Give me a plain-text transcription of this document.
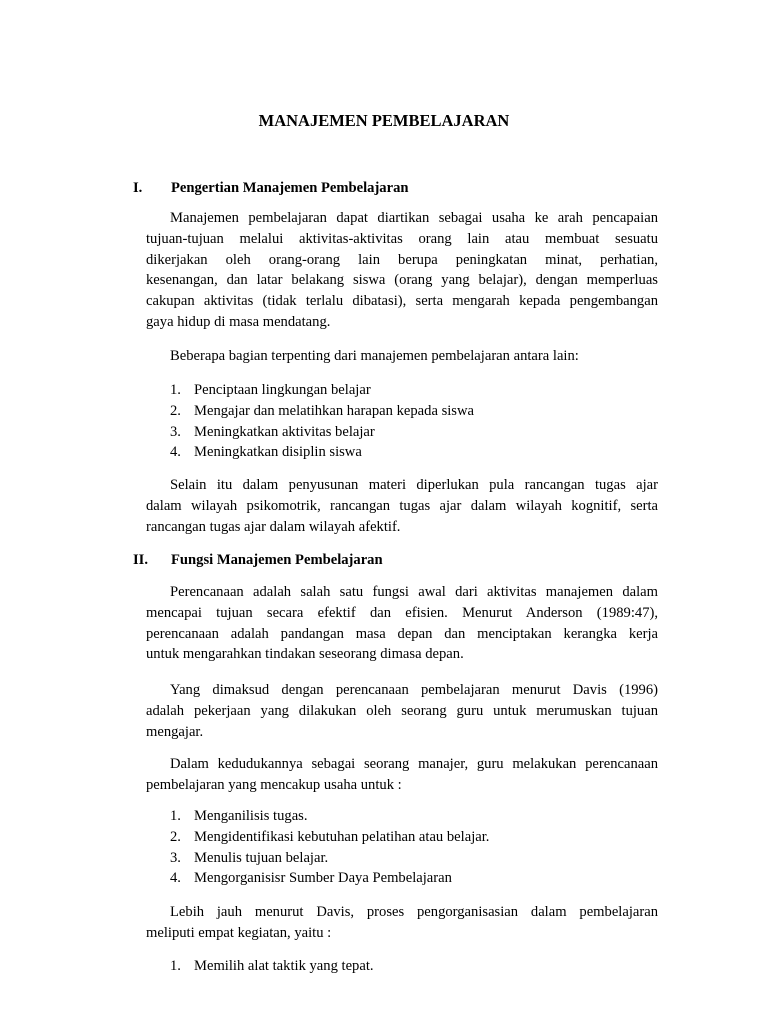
MANAJEMEN PEMBELAJARAN
I. Pengertian Manajemen Pembelajaran
Manajemen pembelajaran dapat diartikan sebagai usaha ke arah pencapaian
tujuan-tujuan melalui aktivitas-aktivitas orang lain atau membuat sesuatu
dikerjakan oleh orang-orang lain berupa peningkatan minat, perhatian,
kesenangan, dan latar belakang siswa (orang yang belajar), dengan memperluas
cakupan aktivitas (tidak terlalu dibatasi), serta mengarah kepada pengembangan
gaya hidup di masa mendatang.
Beberapa bagian terpenting dari manajemen pembelajaran antara lain:
1. Penciptaan lingkungan belajar
2. Mengajar dan melatihkan harapan kepada siswa
3. Meningkatkan aktivitas belajar
4. Meningkatkan disiplin siswa
Selain itu dalam penyusunan materi diperlukan pula rancangan tugas ajar
dalam wilayah psikomotrik, rancangan tugas ajar dalam wilayah kognitif, serta
rancangan tugas ajar dalam wilayah afektif.
II. Fungsi Manajemen Pembelajaran
Perencanaan adalah salah satu fungsi awal dari aktivitas manajemen dalam
mencapai tujuan secara efektif dan efisien. Menurut Anderson (1989:47),
perencanaan adalah pandangan masa depan dan menciptakan kerangka kerja
untuk mengarahkan tindakan seseorang dimasa depan.
Yang dimaksud dengan perencanaan pembelajaran menurut Davis (1996)
adalah pekerjaan yang dilakukan oleh seorang guru untuk merumuskan tujuan
mengajar.
Dalam kedudukannya sebagai seorang manajer, guru melakukan perencanaan
pembelajaran yang mencakup usaha untuk :
1. Menganilisis tugas.
2. Mengidentifikasi kebutuhan pelatihan atau belajar.
3. Menulis tujuan belajar.
4. Mengorganisisr Sumber Daya Pembelajaran
Lebih jauh menurut Davis, proses pengorganisasian dalam pembelajaran
meliputi empat kegiatan, yaitu :
1. Memilih alat taktik yang tepat.
